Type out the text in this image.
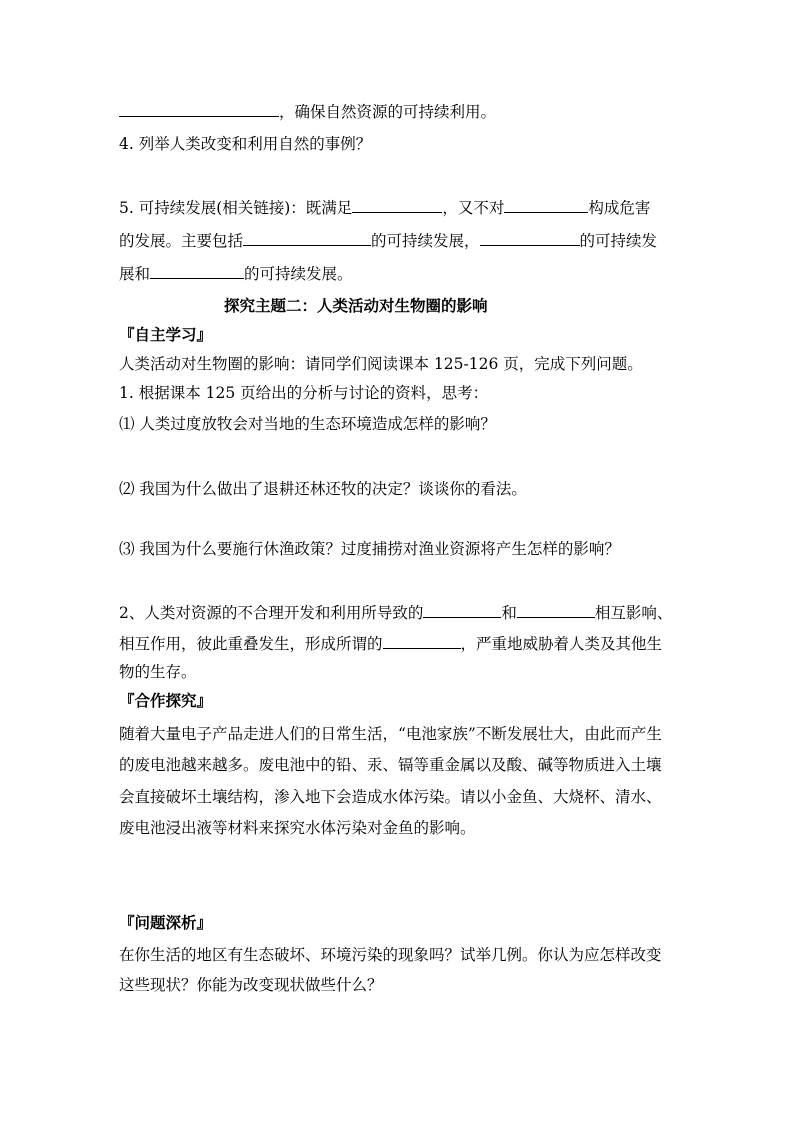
，确保自然资源的可持续利用。
4. 列举人类改变和利用自然的事例？
5. 可持续发展(相关链接)：既满足	，又不对	构成危害
的发展。主要包括	的可持续发展，	的可持续发
展和	的可持续发展。
探究主题二：人类活动对生物圈的影响
『自主学习』
人类活动对生物圈的影响：请同学们阅读课本 125-126 页，完成下列问题。
1. 根据课本 125 页给出的分析与讨论的资料，思考：
⑴ 人类过度放牧会对当地的生态环境造成怎样的影响？
⑵ 我国为什么做出了退耕还林还牧的决定？谈谈你的看法。
⑶ 我国为什么要施行休渔政策？过度捕捞对渔业资源将产生怎样的影响？
2、人类对资源的不合理开发和利用所导致的	和	相互影响、
相互作用，彼此重叠发生，形成所谓的	，严重地威胁着人类及其他生
物的生存。
『合作探究』
随着大量电子产品走进人们的日常生活，“电池家族”不断发展壮大，由此而产生
的废电池越来越多。废电池中的铅、汞、镉等重金属以及酸、碱等物质进入土壤
会直接破坏土壤结构，渗入地下会造成水体污染。请以小金鱼、大烧杯、清水、
废电池浸出液等材料来探究水体污染对金鱼的影响。
『问题深析』
在你生活的地区有生态破坏、环境污染的现象吗？试举几例。你认为应怎样改变
这些现状？你能为改变现状做些什么？
